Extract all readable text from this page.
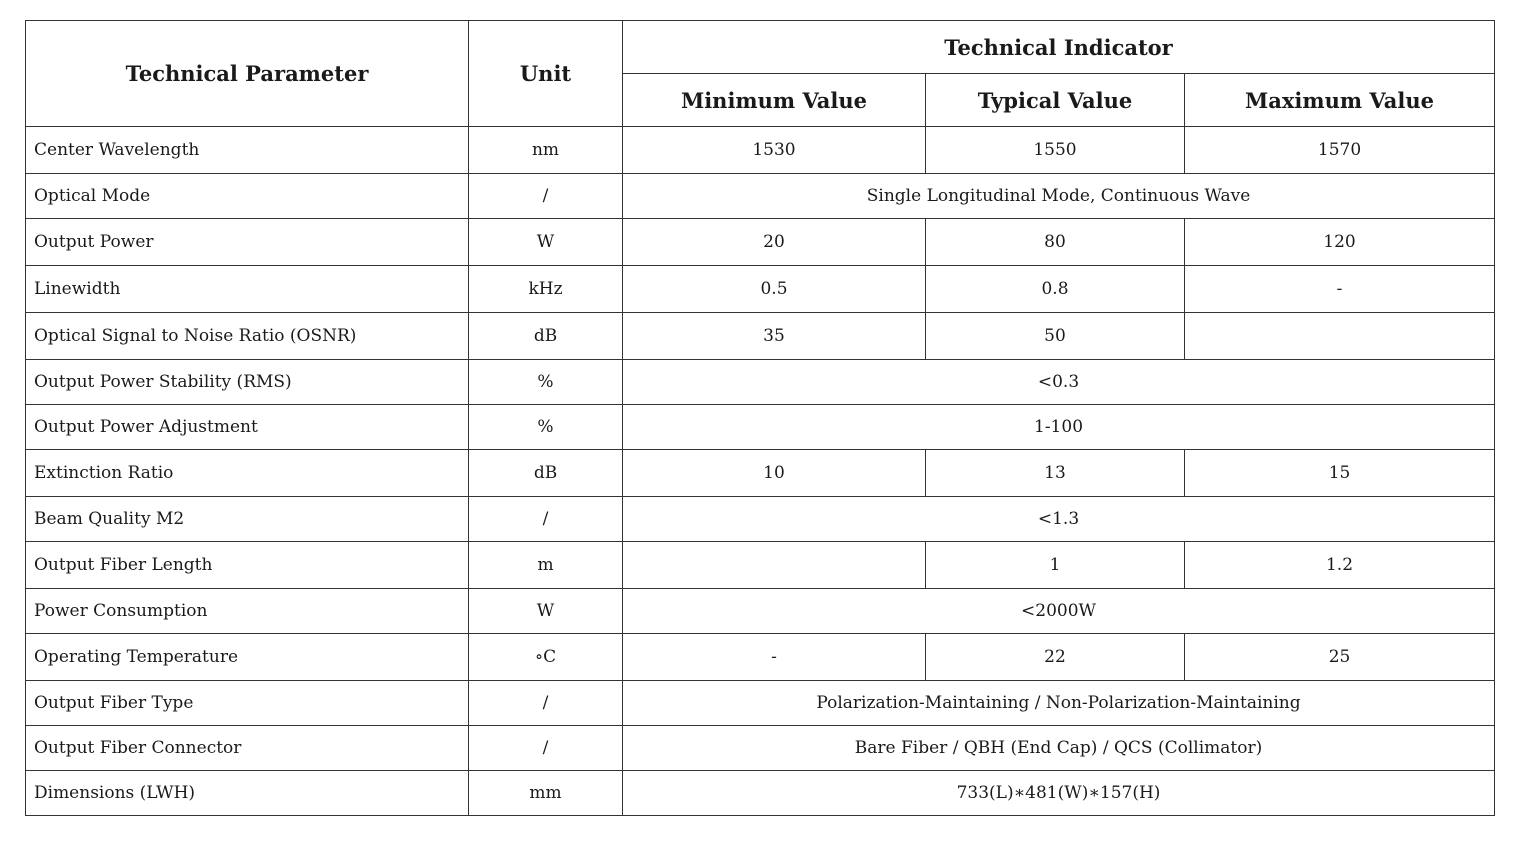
Technical Parameter	Unit	Technical Indicator		
		Minimum Value	Typical Value	Maximum Value
Center Wavelength	nm	1530	1550	1570
Optical Mode	/	Single Longitudinal Mode, Continuous Wave		
Output Power	W	20	80	120
Linewidth	kHz	0.5	0.8	-
Optical Signal to Noise Ratio (OSNR)	dB	35	50	
Output Power Stability (RMS)	%	<0.3		
Output Power Adjustment	%	1-100		
Extinction Ratio	dB	10	13	15
Beam Quality M2	/	<1.3		
Output Fiber Length	m		1	1.2
Power Consumption	W	<2000W		
Operating Temperature	∘C	-	22	25
Output Fiber Type	/	Polarization-Maintaining / Non-Polarization-Maintaining		
Output Fiber Connector	/	Bare Fiber / QBH (End Cap) / QCS (Collimator)		
Dimensions (LWH)	mm	733(L)∗481(W)∗157(H)		
